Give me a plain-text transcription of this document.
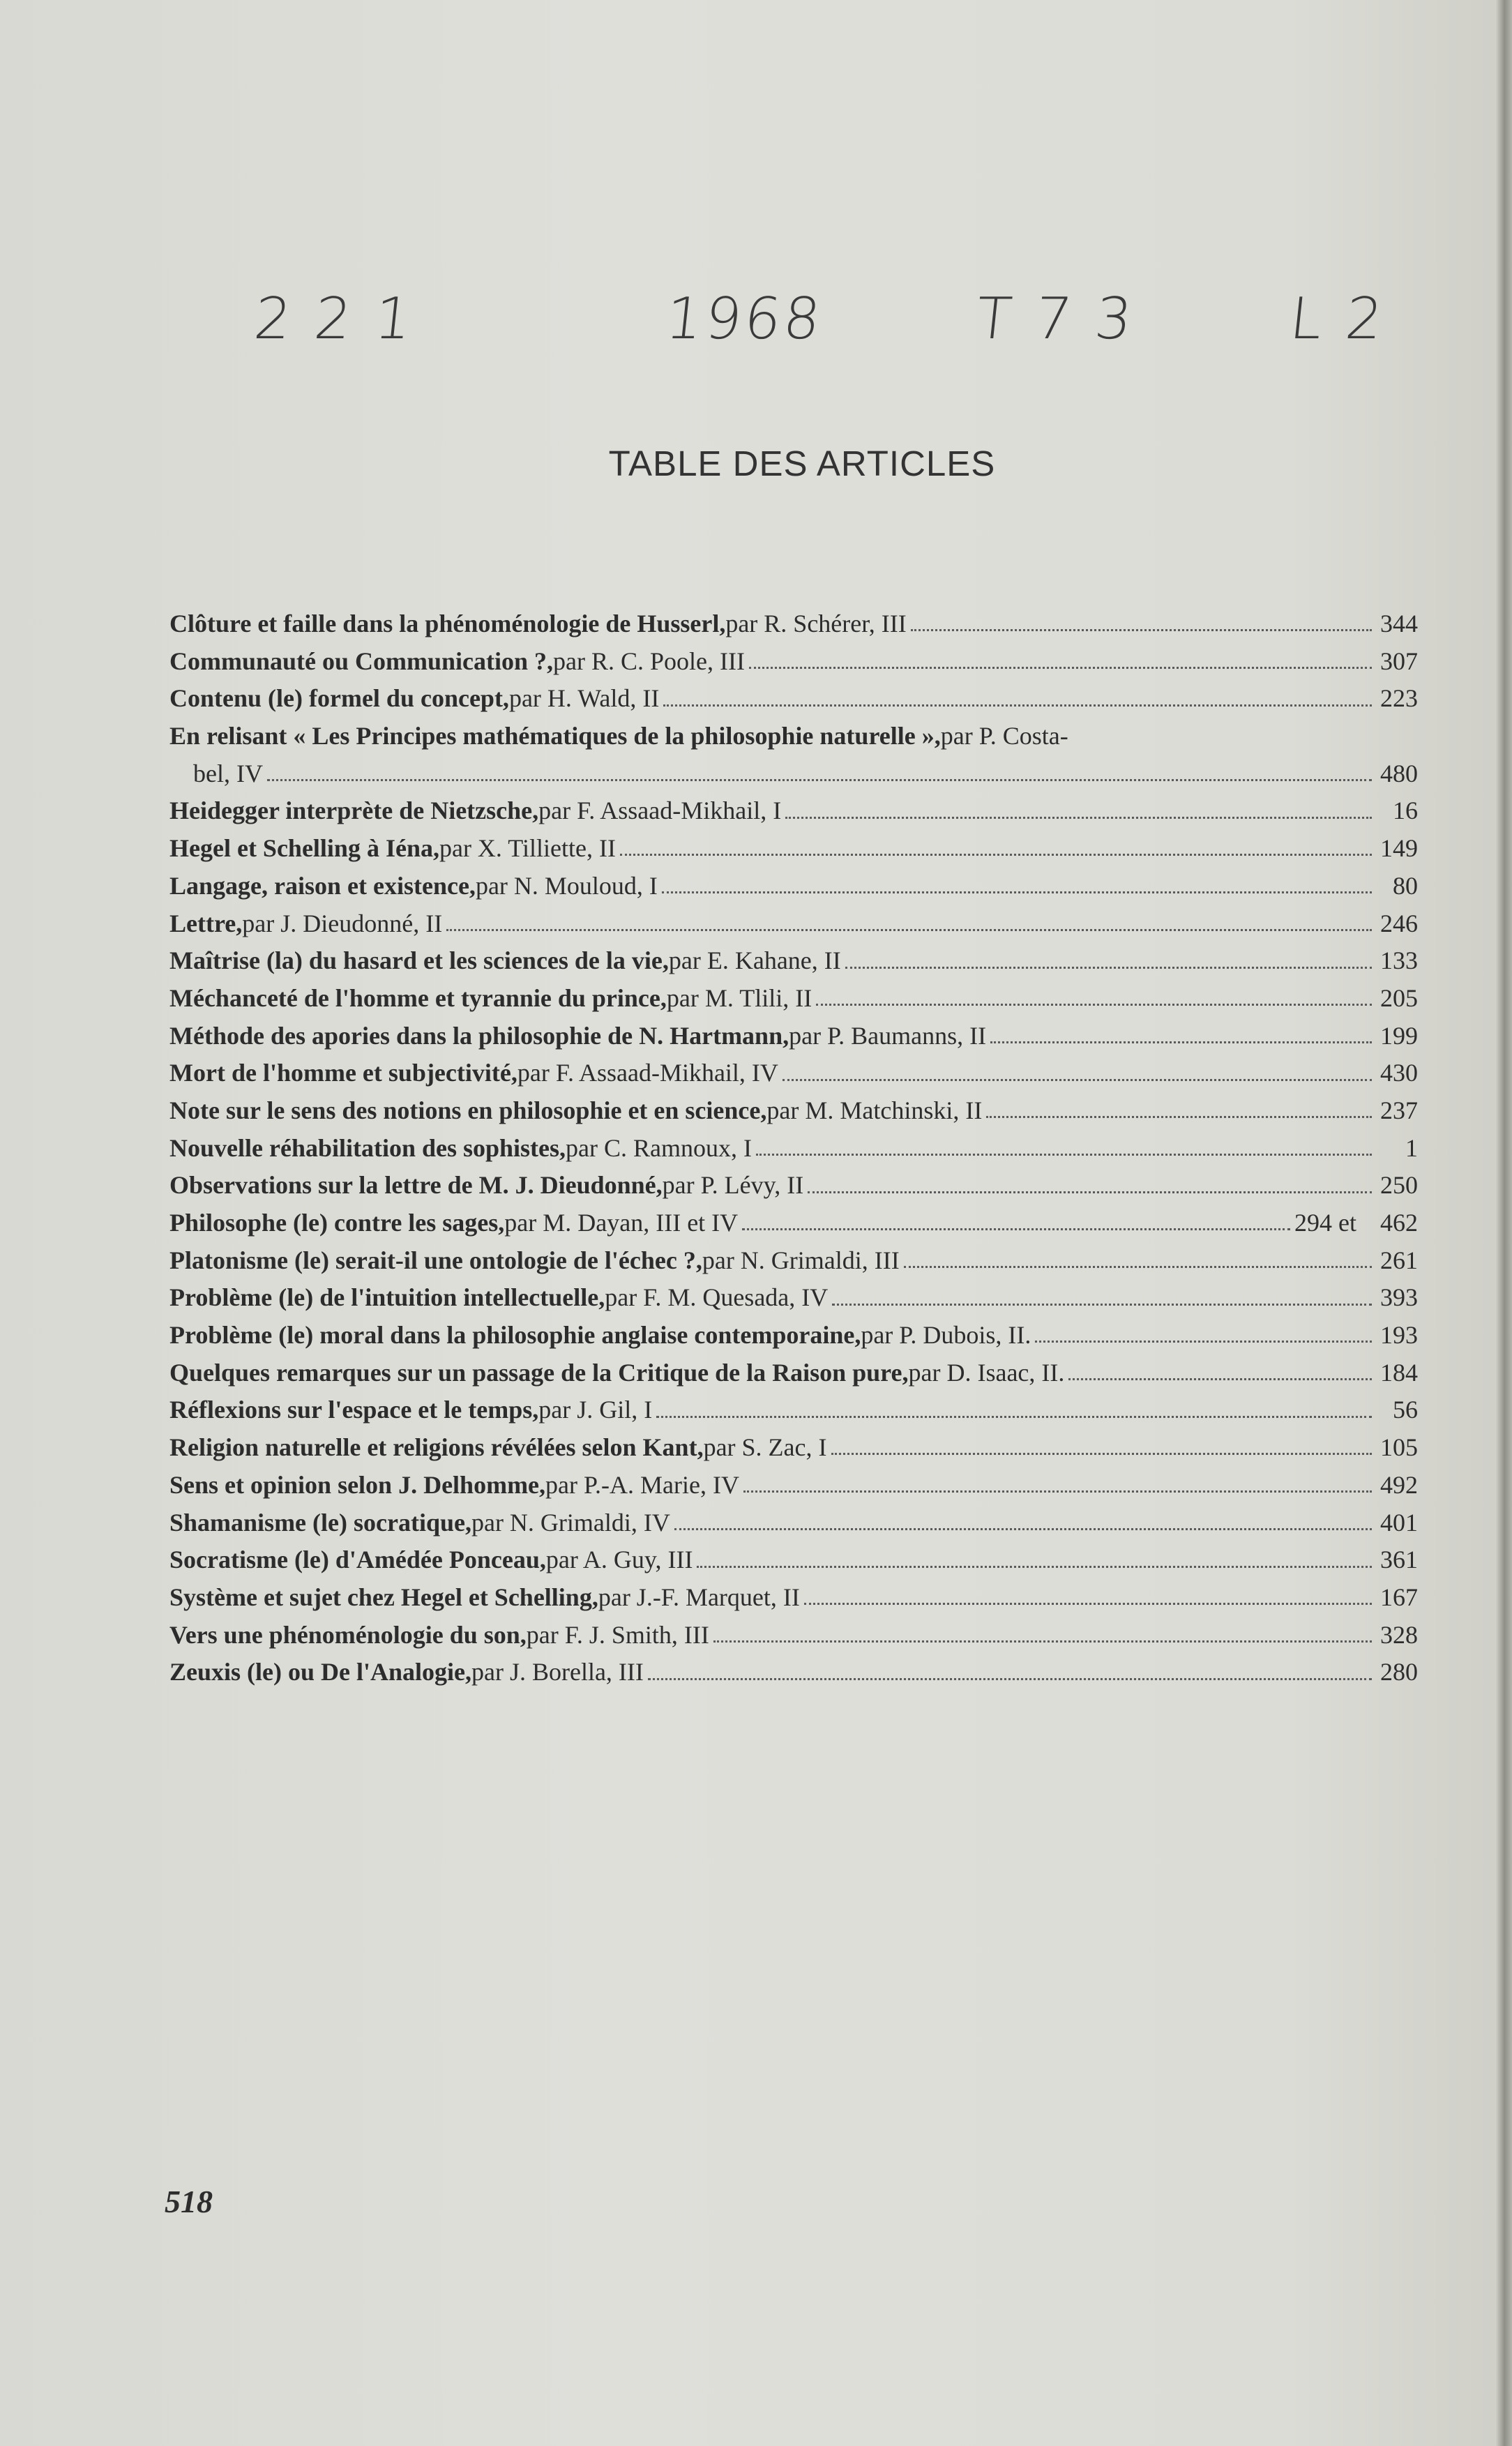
2 2 1	1968	T 7 3	L 2
TABLE DES ARTICLES
Clôture et faille dans la phénoménologie de Husserl, par R. Schérer, III	344
Communauté ou Communication ?, par R. C. Poole, III	307
Contenu (le) formel du concept, par H. Wald, II	223
En relisant « Les Principes mathématiques de la philosophie naturelle », par P. Costa-
bel, IV	480
Heidegger interprète de Nietzsche, par F. Assaad-Mikhail, I	16
Hegel et Schelling à Iéna, par X. Tilliette, II	149
Langage, raison et existence, par N. Mouloud, I	80
Lettre, par J. Dieudonné, II	246
Maîtrise (la) du hasard et les sciences de la vie, par E. Kahane, II	133
Méchanceté de l'homme et tyrannie du prince, par M. Tlili, II	205
Méthode des apories dans la philosophie de N. Hartmann, par P. Baumanns, II	199
Mort de l'homme et subjectivité, par F. Assaad-Mikhail, IV	430
Note sur le sens des notions en philosophie et en science, par M. Matchinski, II	237
Nouvelle réhabilitation des sophistes, par C. Ramnoux, I	1
Observations sur la lettre de M. J. Dieudonné, par P. Lévy, II	250
Philosophe (le) contre les sages, par M. Dayan, III et IV	294 et 462
Platonisme (le) serait-il une ontologie de l'échec ?, par N. Grimaldi, III	261
Problème (le) de l'intuition intellectuelle, par F. M. Quesada, IV	393
Problème (le) moral dans la philosophie anglaise contemporaine, par P. Dubois, II.	193
Quelques remarques sur un passage de la Critique de la Raison pure, par D. Isaac, II.	184
Réflexions sur l'espace et le temps, par J. Gil, I	56
Religion naturelle et religions révélées selon Kant, par S. Zac, I	105
Sens et opinion selon J. Delhomme, par P.-A. Marie, IV	492
Shamanisme (le) socratique, par N. Grimaldi, IV	401
Socratisme (le) d'Amédée Ponceau, par A. Guy, III	361
Système et sujet chez Hegel et Schelling, par J.-F. Marquet, II	167
Vers une phénoménologie du son, par F. J. Smith, III	328
Zeuxis (le) ou De l'Analogie, par J. Borella, III	280
518
